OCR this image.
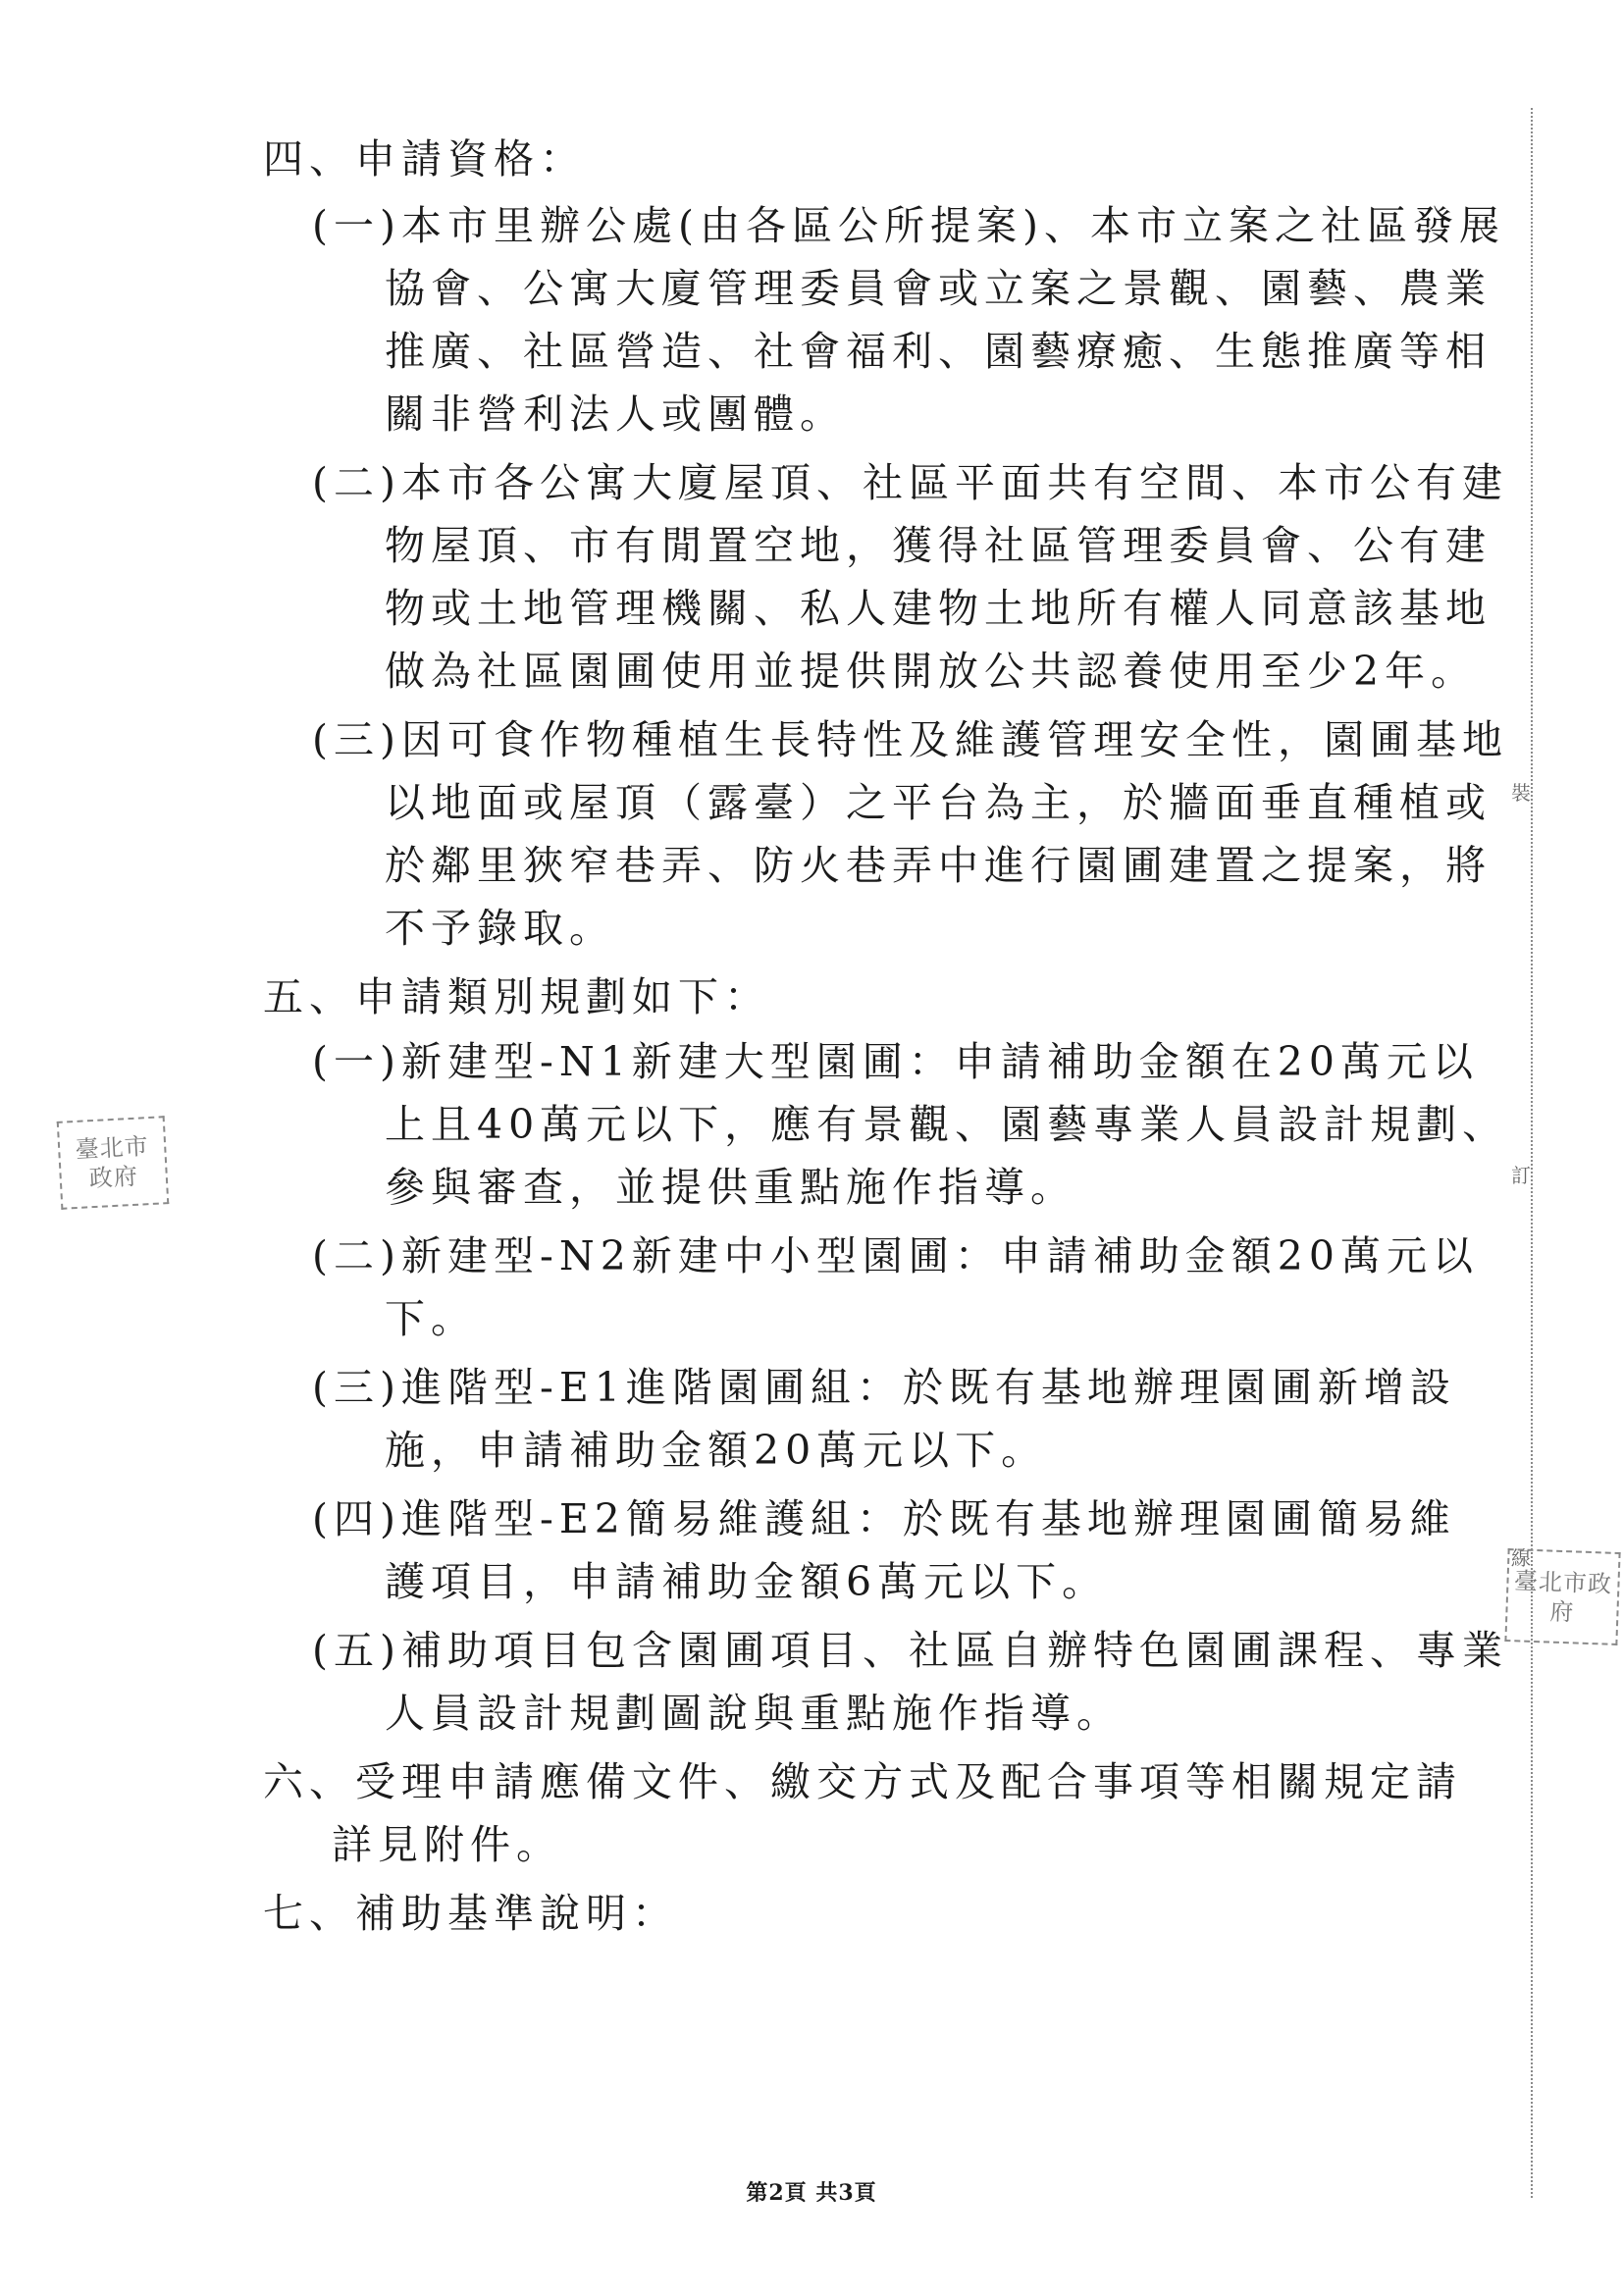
四、申請資格：
(一)本市里辦公處(由各區公所提案)、本市立案之社區發展
協會、公寓大廈管理委員會或立案之景觀、園藝、農業
推廣、社區營造、社會福利、園藝療癒、生態推廣等相
關非營利法人或團體。
(二)本市各公寓大廈屋頂、社區平面共有空間、本市公有建
物屋頂、市有閒置空地，獲得社區管理委員會、公有建
物或土地管理機關、私人建物土地所有權人同意該基地
做為社區園圃使用並提供開放公共認養使用至少2年。
(三)因可食作物種植生長特性及維護管理安全性，園圃基地
以地面或屋頂（露臺）之平台為主，於牆面垂直種植或
於鄰里狹窄巷弄、防火巷弄中進行園圃建置之提案，將
不予錄取。
五、申請類別規劃如下：
(一)新建型-N1新建大型園圃：申請補助金額在20萬元以
上且40萬元以下，應有景觀、園藝專業人員設計規劃、
參與審查，並提供重點施作指導。
(二)新建型-N2新建中小型園圃：申請補助金額20萬元以
下。
(三)進階型-E1進階園圃組：於既有基地辦理園圃新增設
施，申請補助金額20萬元以下。
(四)進階型-E2簡易維護組：於既有基地辦理園圃簡易維
護項目，申請補助金額6萬元以下。
(五)補助項目包含園圃項目、社區自辦特色園圃課程、專業
人員設計規劃圖說與重點施作指導。
六、受理申請應備文件、繳交方式及配合事項等相關規定請
詳見附件。
七、補助基準說明：
第2頁 共3頁
裝
訂
線
臺北市政府
臺北市政府
